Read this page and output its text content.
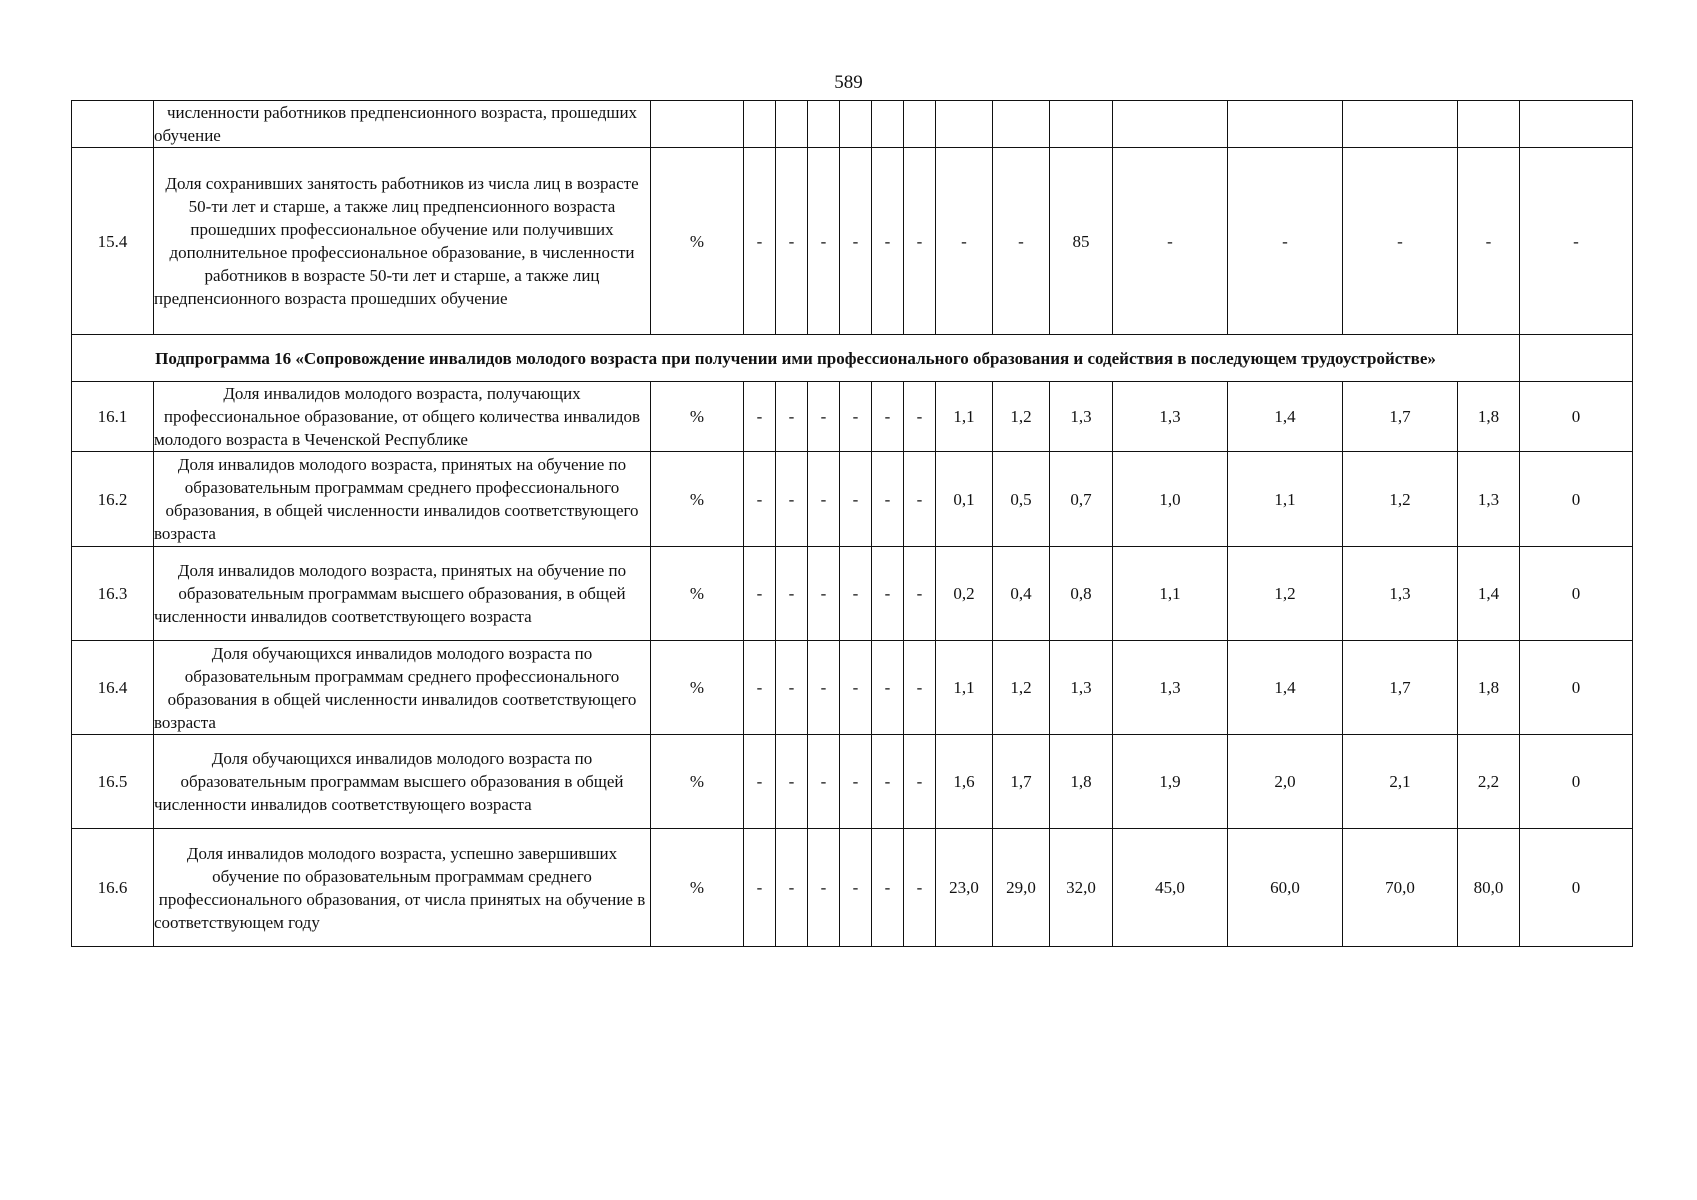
589
	численности работников предпенсионного возраста, прошедших обучение															
15.4	Доля сохранивших занятость работников из числа лиц в возрасте 50-ти лет и старше, а также лиц предпенсионного возраста прошедших профессиональное обучение или получивших дополнительное профессиональное образование, в численности работников в возрасте 50-ти лет и старше, а также лиц предпенсионного возраста прошедших обучение	%	-	-	-	-	-	-	-	-	85	-	-	-	-	-
Подпрограмма 16 «Сопровождение инвалидов молодого возраста при получении ими профессионального образования и содействия в последующем трудоустройстве»																
16.1	Доля инвалидов молодого возраста, получающих профессиональное образование, от общего количества инвалидов молодого возраста в Чеченской Республике	%	-	-	-	-	-	-	1,1	1,2	1,3	1,3	1,4	1,7	1,8	0
16.2	Доля инвалидов молодого возраста, принятых на обучение по образовательным программам среднего профессионального образования, в общей численности инвалидов соответствующего возраста	%	-	-	-	-	-	-	0,1	0,5	0,7	1,0	1,1	1,2	1,3	0
16.3	Доля инвалидов молодого возраста, принятых на обучение по образовательным программам высшего образования, в общей численности инвалидов соответствующего возраста	%	-	-	-	-	-	-	0,2	0,4	0,8	1,1	1,2	1,3	1,4	0
16.4	Доля обучающихся инвалидов молодого возраста по образовательным программам среднего профессионального образования в общей численности инвалидов соответствующего возраста	%	-	-	-	-	-	-	1,1	1,2	1,3	1,3	1,4	1,7	1,8	0
16.5	Доля обучающихся инвалидов молодого возраста по образовательным программам высшего образования в общей численности инвалидов соответствующего возраста	%	-	-	-	-	-	-	1,6	1,7	1,8	1,9	2,0	2,1	2,2	0
16.6	Доля инвалидов молодого возраста, успешно завершивших обучение по образовательным программам среднего профессионального образования, от числа принятых на обучение в соответствующем году	%	-	-	-	-	-	-	23,0	29,0	32,0	45,0	60,0	70,0	80,0	0
